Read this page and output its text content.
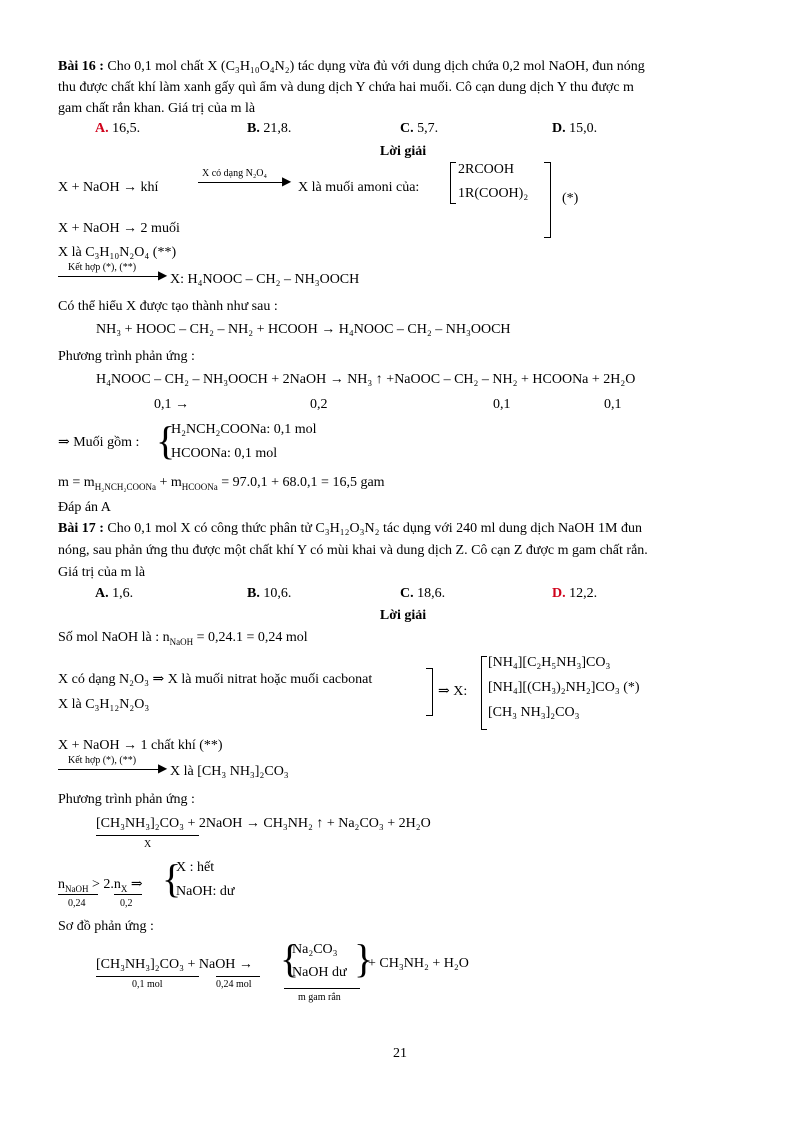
Bài 16 : Cho 0,1 mol chất X (C₃H₁₀O₄N₂) tác dụng vừa đủ với dung dịch chứa 0,2 mol NaOH, đun nóng
thu được chất khí làm xanh gấy quì ẩm và dung dịch Y chứa hai muối. Cô cạn dung dịch Y thu được m
gam chất rắn khan. Giá trị của m là
A. 16,5.	B. 21,8.	C. 5,7.	D. 15,0.
Lời giải
X + NaOH → khí
X có dạng N₂O₄
▶ X là muối amoni của:
2RCOOH
1R(COOH)₂ (*)
X + NaOH → 2 muối
X là C₃H₁₀N₂O₄ (**)
Kết hợp (*), (**)
▶ X: H₄NOOC – CH₂ – NH₃OOCH
Có thể hiểu X được tạo thành như sau :
NH₃ + HOOC – CH₂ – NH₂ + HCOOH → H₄NOOC – CH₂ – NH₃OOCH
Phương trình phản ứng :
H₄NOOC – CH₂ – NH₃OOCH + 2NaOH → NH₃ ↑ +NaOOC – CH₂ – NH₂ + HCOONa + 2H₂O
0,1 →	0,2	0,1	0,1
⇒ Muối gồm : {
H₂NCH₂COONa: 0,1 mol
HCOONa: 0,1 mol
$m = m_{H_2NCH_2COONa} + m_{HCOONa} = 97.0,1 + 68.0,1 = 16,5$ gam
Đáp án A
Bài 17 : Cho 0,1 mol X có công thức phân tử C₃H₁₂O₃N₂ tác dụng với 240 ml dung dịch NaOH 1M đun
nóng, sau phản ứng thu được một chất khí Y có mùi khai và dung dịch Z. Cô cạn Z được m gam chất rắn.
Giá trị của m là
A. 1,6.	B. 10,6.	C. 18,6.	D. 12,2.
Lời giải
Số mol NaOH là : $n_{NaOH} = 0,24.1 = 0,24$ mol
X có dạng N₂O₃ ⇒ X là muối nitrat hoặc muối cacbonat
X là C₃H₁₂N₂O₃
⇒ X:
[NH₄][C₂H₅NH₃]CO₃
[NH₄][(CH₃)₂NH₂]CO₃ (*)
[CH₃ NH₃]₂CO₃
X + NaOH → 1 chất khí (**)
Kết hợp (*), (**)
▶ X là [CH₃ NH₃]₂CO₃
Phương trình phản ứng :
[CH₃NH₃]₂CO₃ + 2NaOH → CH₃NH₂ ↑ + Na₂CO₃ + 2H₂O
X
$n_{NaOH} > 2.n_X$ ⇒
0,24	0,2
{
X : hết
NaOH: dư
Sơ đồ phản ứng :
[CH₃NH₃]₂CO₃ + NaOH → {
Na₂CO₃
NaOH dư }
+ CH₃NH₂ + H₂O
0,1 mol	0,24 mol
m gam rắn
21
